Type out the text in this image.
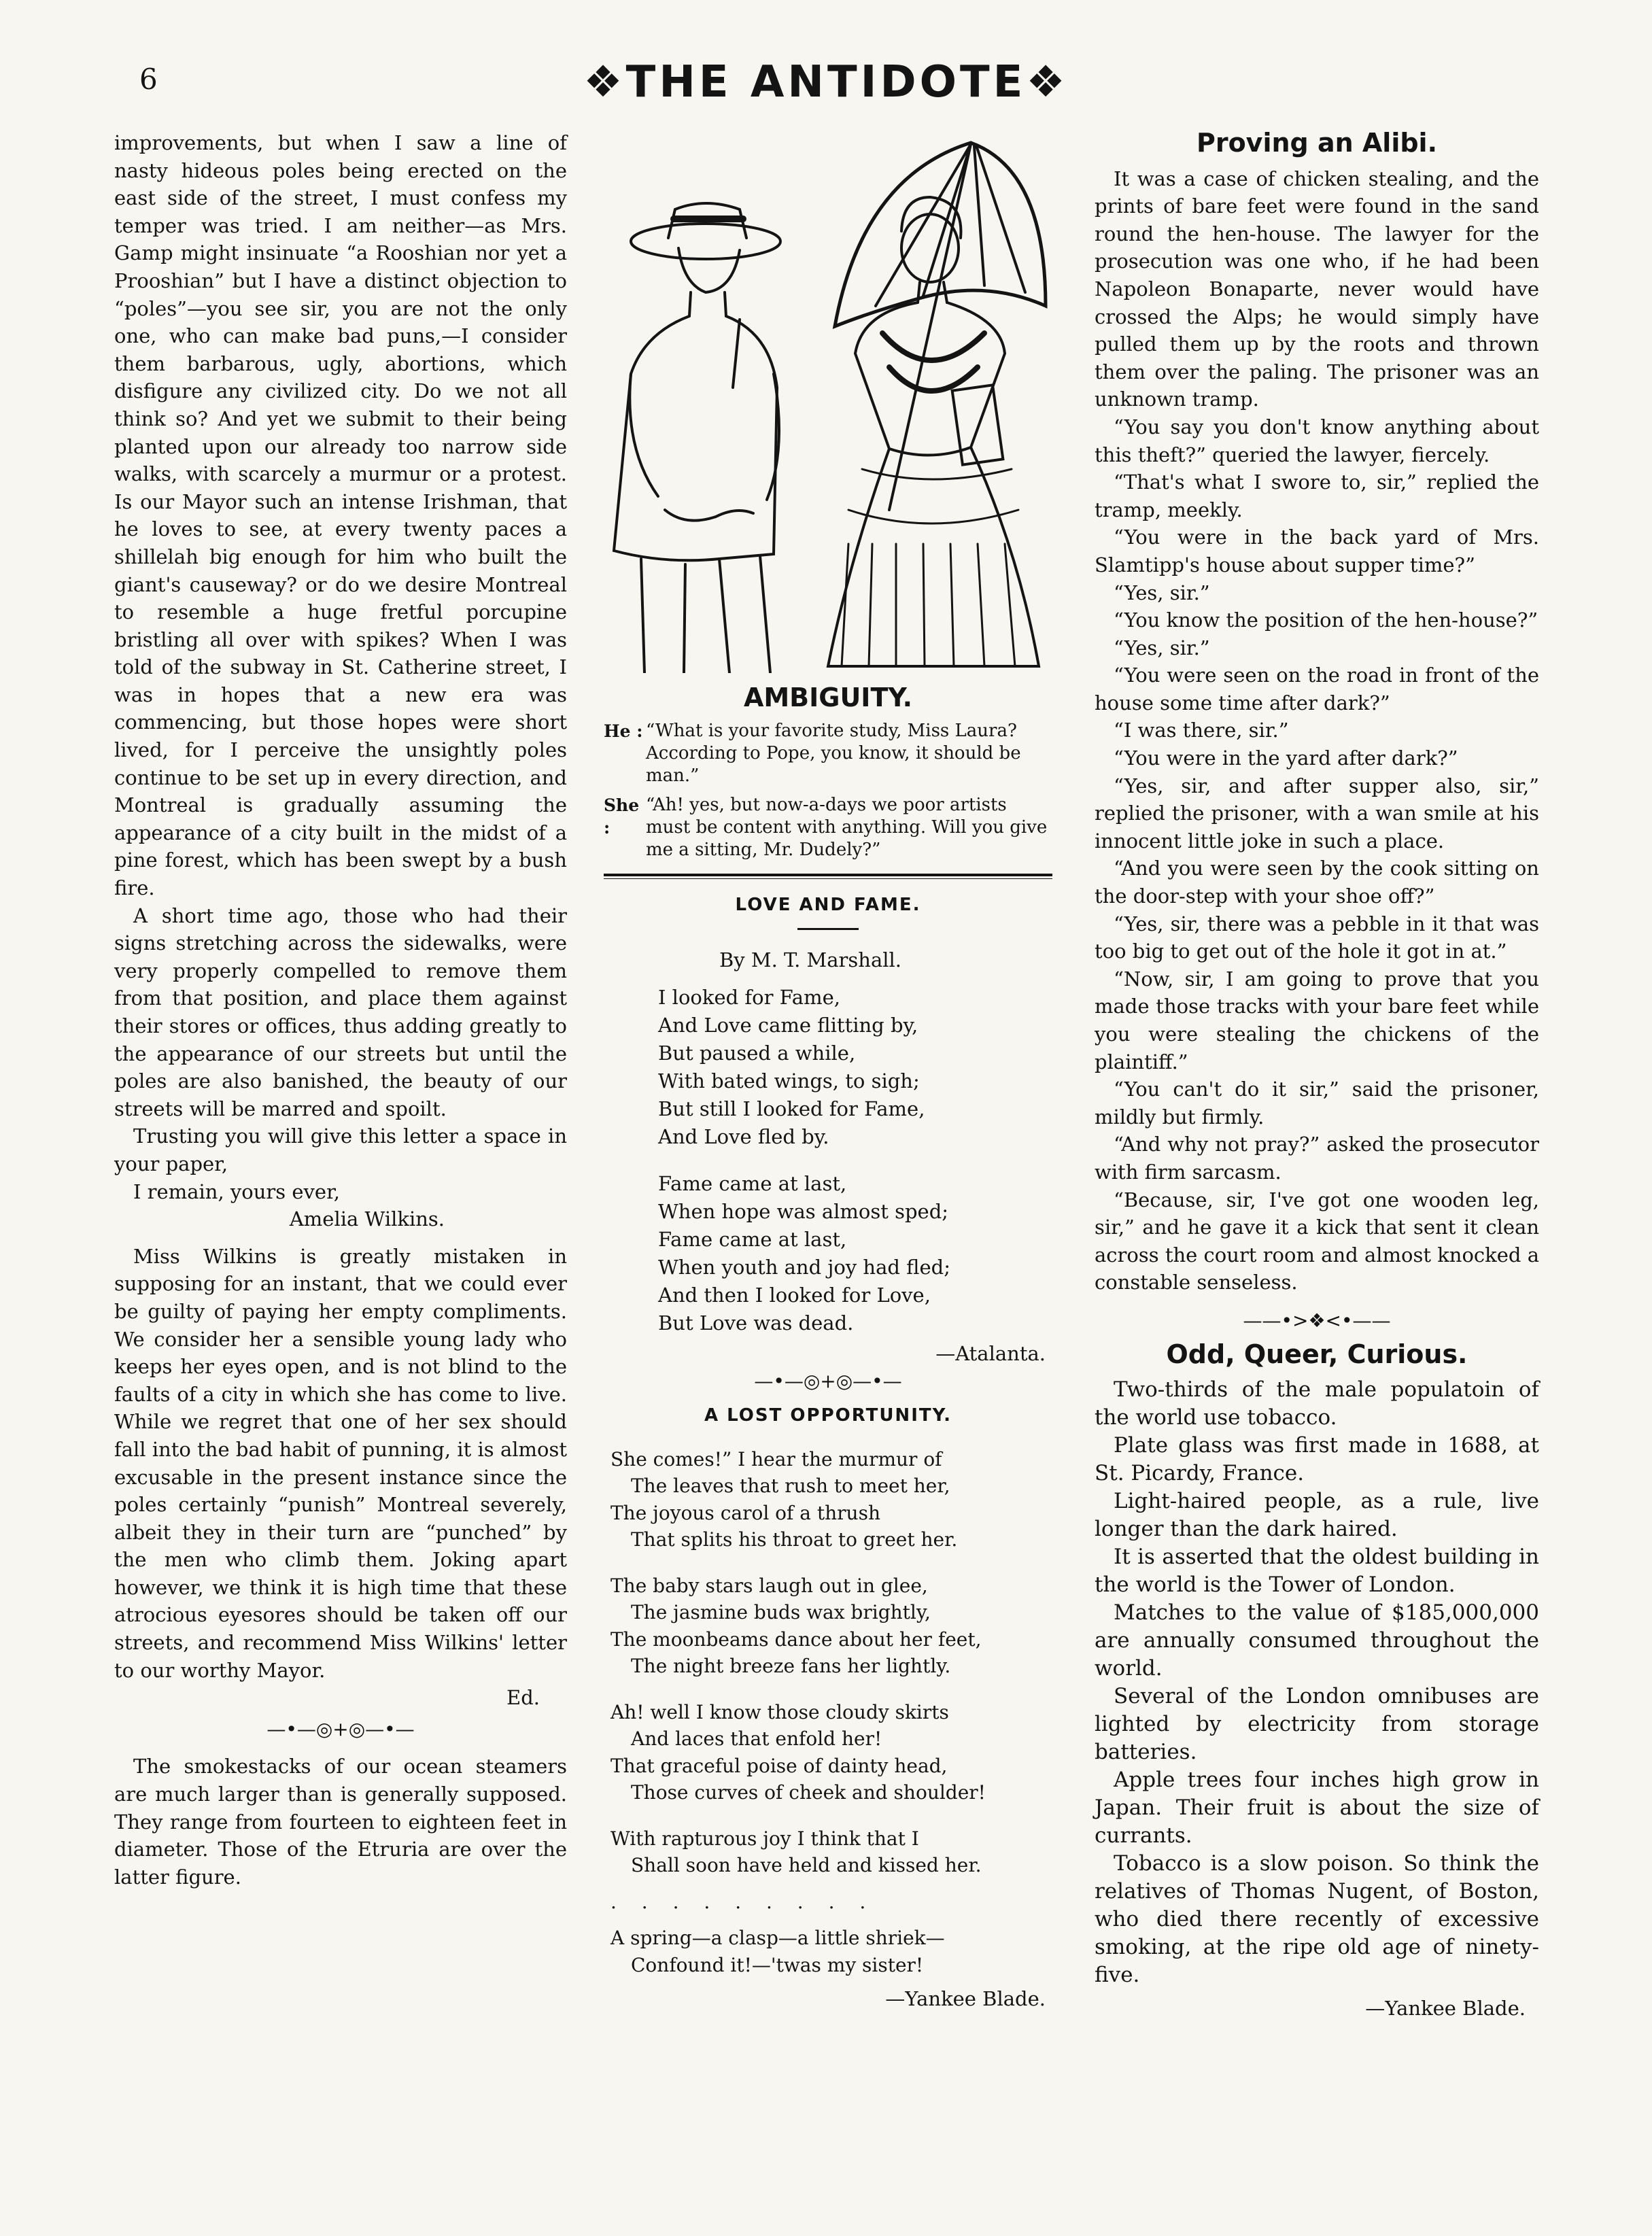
6	❖THE ANTIDOTE❖

improvements, but when I saw a line of nasty hideous poles being erected on the east side of the street, I must confess my temper was tried. I am neither—as Mrs. Gamp might insinuate “a Rooshian nor yet a Prooshian” but I have a distinct objection to “poles”—you see sir, you are not the only one, who can make bad puns,—I consider them barbarous, ugly, abortions, which disfigure any civilized city. Do we not all think so? And yet we submit to their being planted upon our already too narrow side walks, with scarcely a murmur or a protest. Is our Mayor such an intense Irishman, that he loves to see, at every twenty paces a shillelah big enough for him who built the giant's causeway? or do we desire Montreal to resemble a huge fretful porcupine bristling all over with spikes? When I was told of the subway in St. Catherine street, I was in hopes that a new era was commencing, but those hopes were short lived, for I perceive the unsightly poles continue to be set up in every direction, and Montreal is gradually assuming the appearance of a city built in the midst of a pine forest, which has been swept by a bush fire.

A short time ago, those who had their signs stretching across the sidewalks, were very properly compelled to remove them from that position, and place them against their stores or offices, thus adding greatly to the appearance of our streets but until the poles are also banished, the beauty of our streets will be marred and spoilt.

Trusting you will give this letter a space in your paper,

I remain, yours ever,

Amelia Wilkins.

Miss Wilkins is greatly mistaken in supposing for an instant, that we could ever be guilty of paying her empty compliments. We consider her a sensible young lady who keeps her eyes open, and is not blind to the faults of a city in which she has come to live. While we regret that one of her sex should fall into the bad habit of punning, it is almost excusable in the present instance since the poles certainly “punish” Montreal severely, albeit they in their turn are “punched” by the men who climb them. Joking apart however, we think it is high time that these atrocious eyesores should be taken off our streets, and recommend Miss Wilkins' letter to our worthy Mayor.

Ed.
—•—◎+◎—•—

The smokestacks of our ocean steamers are much larger than is generally supposed. They range from fourteen to eighteen feet in diameter. Those of the Etruria are over the latter figure.

AMBIGUITY.
He : “What is your favorite study, Miss Laura? According to Pope, you know, it should be man.”
She :
“Ah! yes, but now-a-days we poor artists must be content with anything. Will you give me a sitting, Mr. Dudely?”
LOVE AND FAME.
By M. T. Marshall.
I looked for Fame,
And Love came flitting by,
But paused a while,
With bated wings, to sigh;
But still I looked for Fame,
And Love fled by.
Fame came at last,
When hope was almost sped;
Fame came at last,
When youth and joy had fled;
And then I looked for Love,
But Love was dead.
—Atalanta.
—•—◎+◎—•—
A LOST OPPORTUNITY.
She comes!” I hear the murmur of
The leaves that rush to meet her,
The joyous carol of a thrush
That splits his throat to greet her.
The baby stars laugh out in glee,
The jasmine buds wax brightly,
The moonbeams dance about her feet,
The night breeze fans her lightly.
Ah! well I know those cloudy skirts
And laces that enfold her!
That graceful poise of dainty head,
Those curves of cheek and shoulder!
With rapturous joy I think that I
Shall soon have held and kissed her.
. . . . . . . . .
A spring—a clasp—a little shriek—
Confound it!—'twas my sister!
—Yankee Blade.
Proving an Alibi.

It was a case of chicken stealing, and the prints of bare feet were found in the sand round the hen-house. The lawyer for the prosecution was one who, if he had been Napoleon Bonaparte, never would have crossed the Alps; he would simply have pulled them up by the roots and thrown them over the paling. The prisoner was an unknown tramp.

“You say you don't know anything about this theft?” queried the lawyer, fiercely.

“That's what I swore to, sir,” replied the tramp, meekly.

“You were in the back yard of Mrs. Slamtipp's house about supper time?”

“Yes, sir.”

“You know the position of the hen-house?”

“Yes, sir.”

“You were seen on the road in front of the house some time after dark?”

“I was there, sir.”

“You were in the yard after dark?”

“Yes, sir, and after supper also, sir,” replied the prisoner, with a wan smile at his innocent little joke in such a place.

“And you were seen by the cook sitting on the door-step with your shoe off?”

“Yes, sir, there was a pebble in it that was too big to get out of the hole it got in at.”

“Now, sir, I am going to prove that you made those tracks with your bare feet while you were stealing the chickens of the plaintiff.”

“You can't do it sir,” said the prisoner, mildly but firmly.

“And why not pray?” asked the prosecutor with firm sarcasm.

“Because, sir, I've got one wooden leg, sir,” and he gave it a kick that sent it clean across the court room and almost knocked a constable senseless.

——•>❖<•——
Odd, Queer, Curious.

Two-thirds of the male populatoin of the world use tobacco.

Plate glass was first made in 1688, at St. Picardy, France.

Light-haired people, as a rule, live longer than the dark haired.

It is asserted that the oldest building in the world is the Tower of London.

Matches to the value of $185,000,000 are annually consumed throughout the world.

Several of the London omnibuses are lighted by electricity from storage batteries.

Apple trees four inches high grow in Japan. Their fruit is about the size of currants.

Tobacco is a slow poison. So think the relatives of Thomas Nugent, of Boston, who died there recently of excessive smoking, at the ripe old age of ninety-five.

—Yankee Blade.
